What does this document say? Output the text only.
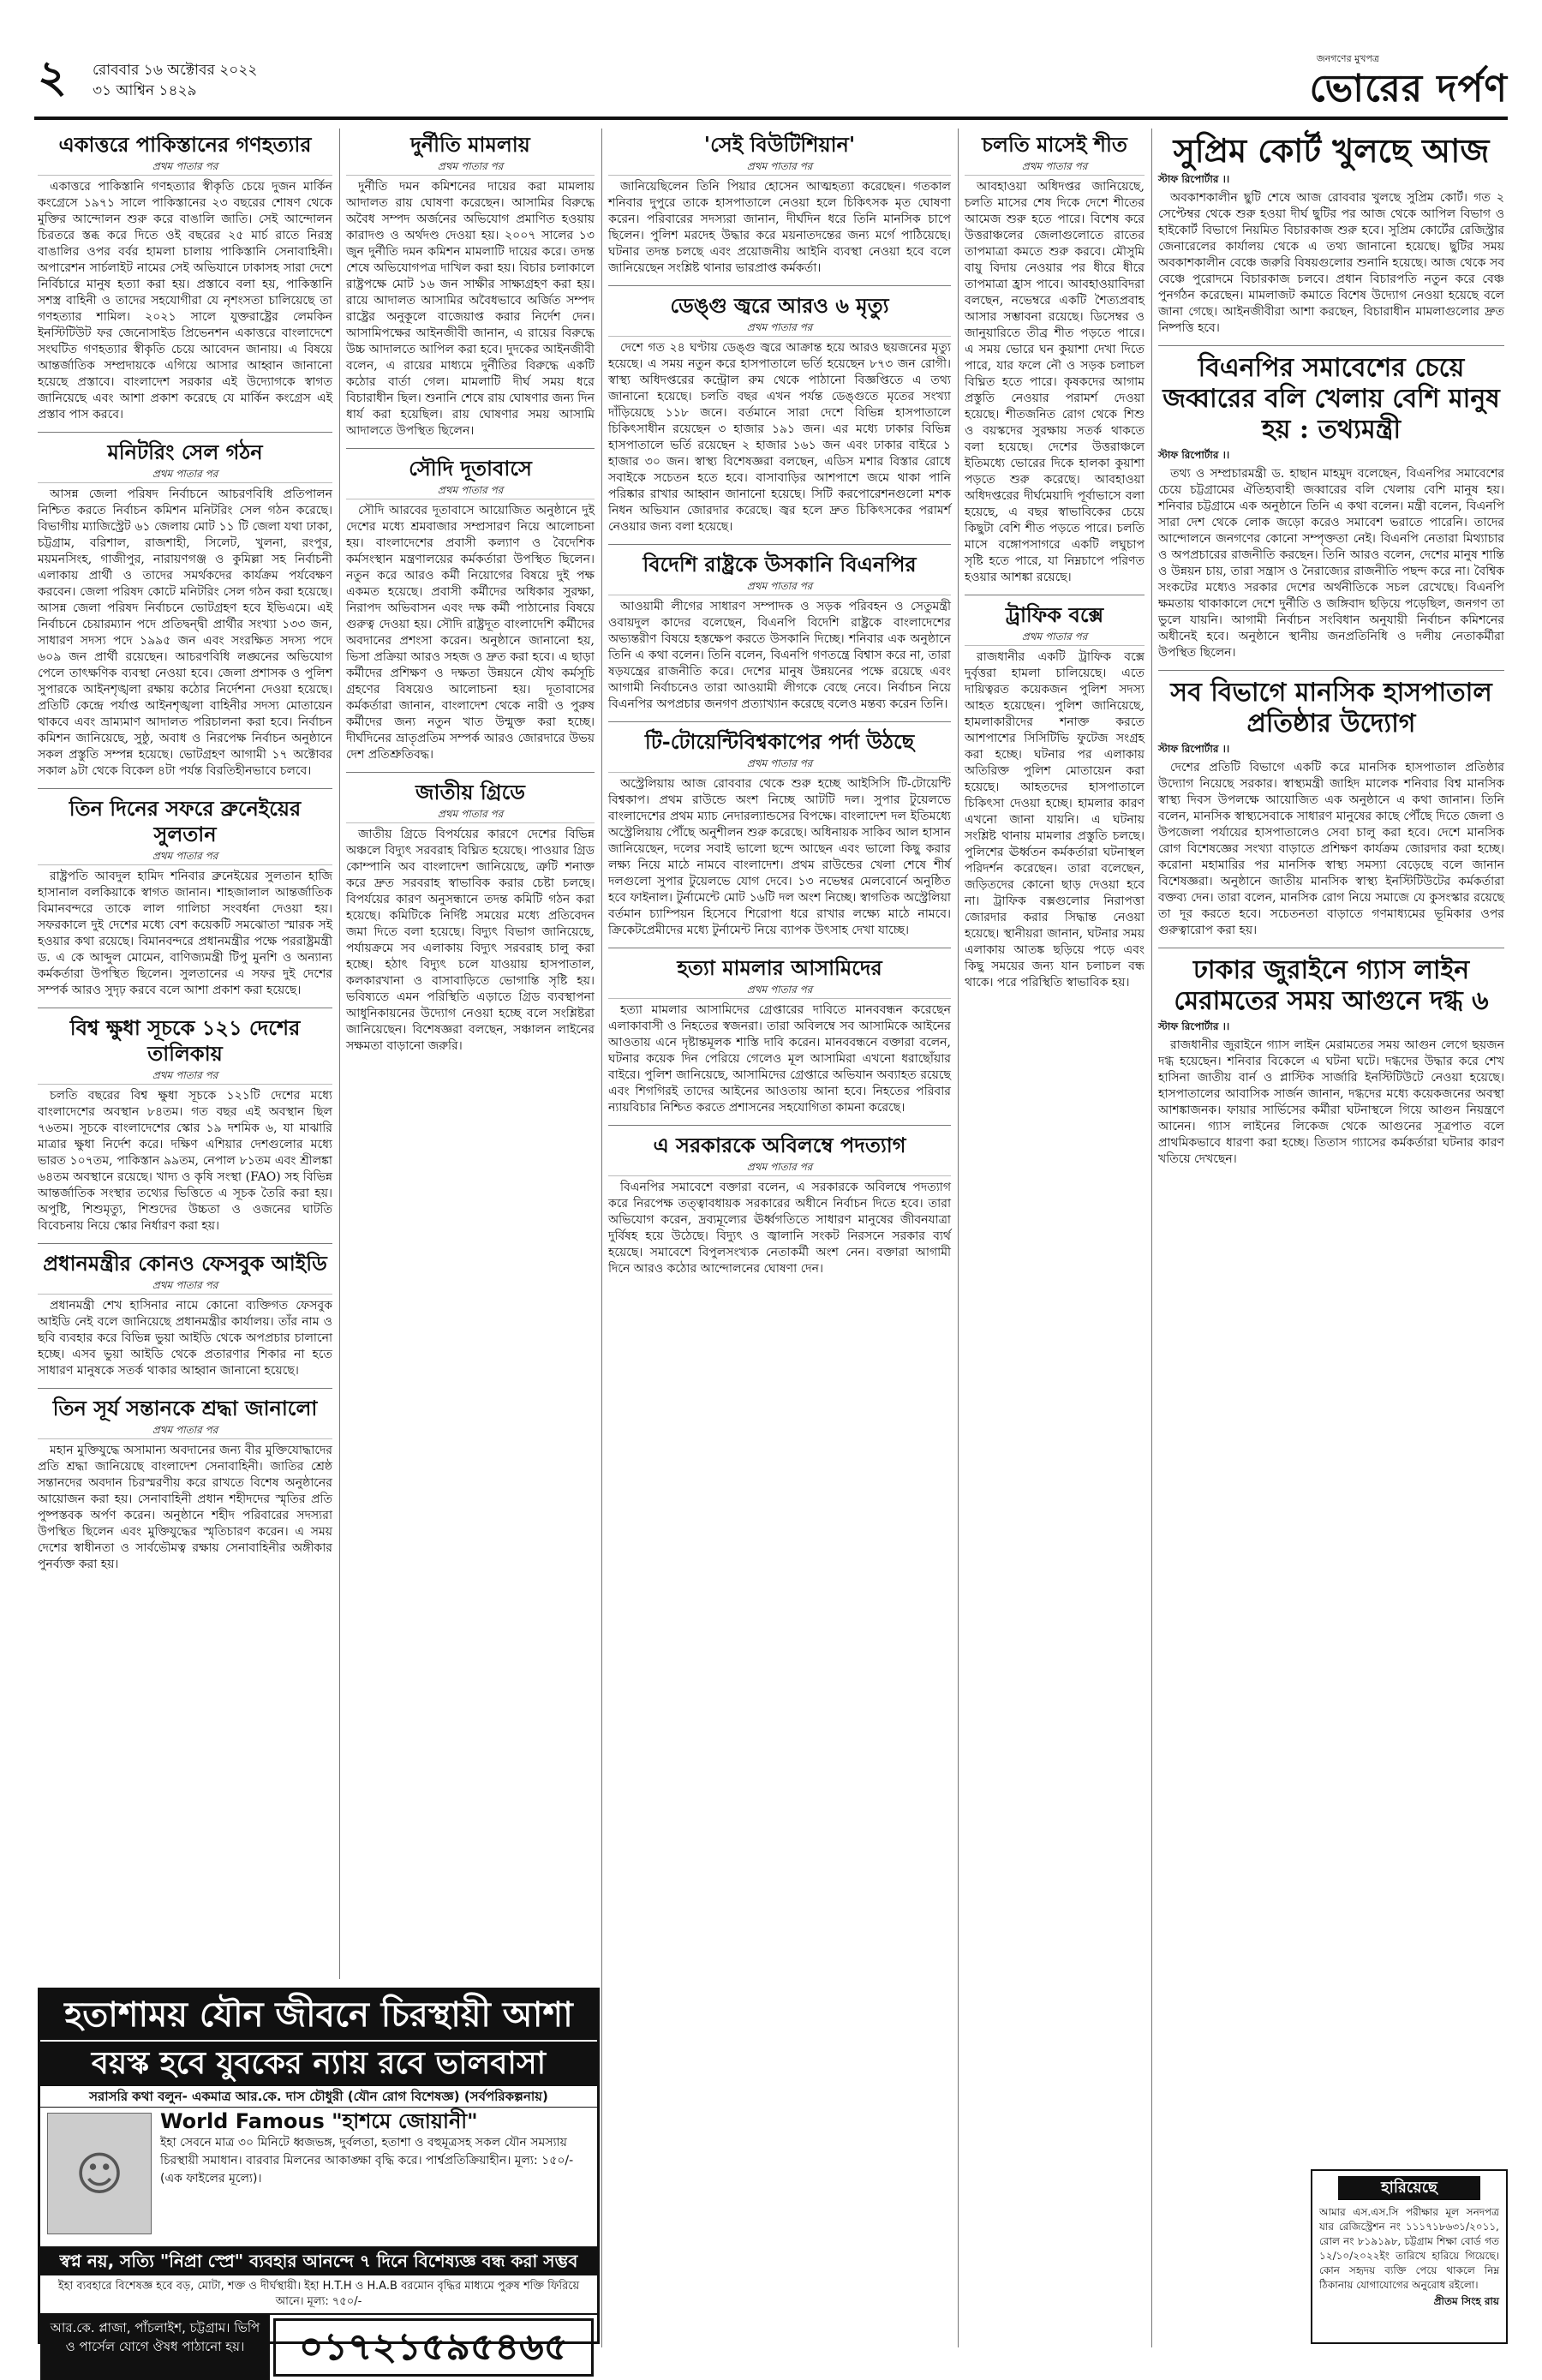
২	রোববার ১৬ অক্টোবর ২০২২
৩১ আশ্বিন ১৪২৯
জনগণের মুখপত্র
ভোরের দর্পণ
একাত্তরে পাকিস্তানের গণহত্যার
প্রথম পাতার পর

একাত্তরে পাকিস্তানি গণহত্যার স্বীকৃতি চেয়ে দুজন মার্কিন কংগ্রেসে ১৯৭১ সালে পাকিস্তানের ২৩ বছরের শোষণ থেকে মুক্তির আন্দোলন শুরু করে বাঙালি জাতি। সেই আন্দোলন চিরতরে স্তব্ধ করে দিতে ওই বছরের ২৫ মার্চ রাতে নিরস্ত্র বাঙালির ওপর বর্বর হামলা চালায় পাকিস্তানি সেনাবাহিনী। অপারেশন সার্চলাইট নামের সেই অভিযানে ঢাকাসহ সারা দেশে নির্বিচারে মানুষ হত্যা করা হয়। প্রস্তাবে বলা হয়, পাকিস্তানি সশস্ত্র বাহিনী ও তাদের সহযোগীরা যে নৃশংসতা চালিয়েছে তা গণহত্যার শামিল। ২০২১ সালে যুক্তরাষ্ট্রের লেমকিন ইনস্টিটিউট ফর জেনোসাইড প্রিভেনশন একাত্তরে বাংলাদেশে সংঘটিত গণহত্যার স্বীকৃতি চেয়ে আবেদন জানায়। এ বিষয়ে আন্তর্জাতিক সম্প্রদায়কে এগিয়ে আসার আহ্বান জানানো হয়েছে প্রস্তাবে। বাংলাদেশ সরকার এই উদ্যোগকে স্বাগত জানিয়েছে এবং আশা প্রকাশ করেছে যে মার্কিন কংগ্রেস এই প্রস্তাব পাস করবে।

মনিটরিং সেল গঠন
প্রথম পাতার পর

আসন্ন জেলা পরিষদ নির্বাচনে আচরণবিধি প্রতিপালন নিশ্চিত করতে নির্বাচন কমিশন মনিটরিং সেল গঠন করেছে। বিভাগীয় ম্যাজিস্ট্রেট ৬১ জেলায় মোট ১১ টি জেলা যথা ঢাকা, চট্টগ্রাম, বরিশাল, রাজশাহী, সিলেট, খুলনা, রংপুর, ময়মনসিংহ, গাজীপুর, নারায়ণগঞ্জ ও কুমিল্লা সহ নির্বাচনী এলাকায় প্রার্থী ও তাদের সমর্থকদের কার্যক্রম পর্যবেক্ষণ করবেন। জেলা পরিষদ কোটে মনিটরিং সেল গঠন করা হয়েছে। আসন্ন জেলা পরিষদ নির্বাচনে ভোটগ্রহণ হবে ইভিএমে। এই নির্বাচনে চেয়ারম্যান পদে প্রতিদ্বন্দ্বী প্রার্থীর সংখ্যা ১৩৩ জন, সাধারণ সদস্য পদে ১৯৯৫ জন এবং সংরক্ষিত সদস্য পদে ৬০৯ জন প্রার্থী রয়েছেন। আচরণবিধি লঙ্ঘনের অভিযোগ পেলে তাৎক্ষণিক ব্যবস্থা নেওয়া হবে। জেলা প্রশাসক ও পুলিশ সুপারকে আইনশৃঙ্খলা রক্ষায় কঠোর নির্দেশনা দেওয়া হয়েছে। প্রতিটি কেন্দ্রে পর্যাপ্ত আইনশৃঙ্খলা বাহিনীর সদস্য মোতায়েন থাকবে এবং ভ্রাম্যমাণ আদালত পরিচালনা করা হবে। নির্বাচন কমিশন জানিয়েছে, সুষ্ঠু, অবাধ ও নিরপেক্ষ নির্বাচন অনুষ্ঠানে সকল প্রস্তুতি সম্পন্ন হয়েছে। ভোটগ্রহণ আগামী ১৭ অক্টোবর সকাল ৯টা থেকে বিকেল ৪টা পর্যন্ত বিরতিহীনভাবে চলবে।

তিন দিনের সফরে ব্রুনেইয়ের সুলতান
প্রথম পাতার পর

রাষ্ট্রপতি আবদুল হামিদ শনিবার ব্রুনেইয়ের সুলতান হাজি হাসানাল বলকিয়াকে স্বাগত জানান। শাহজালাল আন্তর্জাতিক বিমানবন্দরে তাকে লাল গালিচা সংবর্ধনা দেওয়া হয়। সফরকালে দুই দেশের মধ্যে বেশ কয়েকটি সমঝোতা স্মারক সই হওয়ার কথা রয়েছে। বিমানবন্দরে প্রধানমন্ত্রীর পক্ষে পররাষ্ট্রমন্ত্রী ড. এ কে আব্দুল মোমেন, বাণিজ্যমন্ত্রী টিপু মুনশি ও অন্যান্য কর্মকর্তারা উপস্থিত ছিলেন। সুলতানের এ সফর দুই দেশের সম্পর্ক আরও সুদৃঢ় করবে বলে আশা প্রকাশ করা হয়েছে।

বিশ্ব ক্ষুধা সূচকে ১২১ দেশের তালিকায়
প্রথম পাতার পর

চলতি বছরের বিশ্ব ক্ষুধা সূচকে ১২১টি দেশের মধ্যে বাংলাদেশের অবস্থান ৮৪তম। গত বছর এই অবস্থান ছিল ৭৬তম। সূচকে বাংলাদেশের স্কোর ১৯ দশমিক ৬, যা মাঝারি মাত্রার ক্ষুধা নির্দেশ করে। দক্ষিণ এশিয়ার দেশগুলোর মধ্যে ভারত ১০৭তম, পাকিস্তান ৯৯তম, নেপাল ৮১তম এবং শ্রীলঙ্কা ৬৪তম অবস্থানে রয়েছে। খাদ্য ও কৃষি সংস্থা (FAO) সহ বিভিন্ন আন্তর্জাতিক সংস্থার তথ্যের ভিত্তিতে এ সূচক তৈরি করা হয়। অপুষ্টি, শিশুমৃত্যু, শিশুদের উচ্চতা ও ওজনের ঘাটতি বিবেচনায় নিয়ে স্কোর নির্ধারণ করা হয়।

প্রধানমন্ত্রীর কোনও ফেসবুক আইডি
প্রথম পাতার পর

প্রধানমন্ত্রী শেখ হাসিনার নামে কোনো ব্যক্তিগত ফেসবুক আইডি নেই বলে জানিয়েছে প্রধানমন্ত্রীর কার্যালয়। তাঁর নাম ও ছবি ব্যবহার করে বিভিন্ন ভুয়া আইডি থেকে অপপ্রচার চালানো হচ্ছে। এসব ভুয়া আইডি থেকে প্রতারণার শিকার না হতে সাধারণ মানুষকে সতর্ক থাকার আহ্বান জানানো হয়েছে।

তিন সূর্য সন্তানকে শ্রদ্ধা জানালো
প্রথম পাতার পর

মহান মুক্তিযুদ্ধে অসামান্য অবদানের জন্য বীর মুক্তিযোদ্ধাদের প্রতি শ্রদ্ধা জানিয়েছে বাংলাদেশ সেনাবাহিনী। জাতির শ্রেষ্ঠ সন্তানদের অবদান চিরস্মরণীয় করে রাখতে বিশেষ অনুষ্ঠানের আয়োজন করা হয়। সেনাবাহিনী প্রধান শহীদদের স্মৃতির প্রতি পুষ্পস্তবক অর্পণ করেন। অনুষ্ঠানে শহীদ পরিবারের সদস্যরা উপস্থিত ছিলেন এবং মুক্তিযুদ্ধের স্মৃতিচারণ করেন। এ সময় দেশের স্বাধীনতা ও সার্বভৌমত্ব রক্ষায় সেনাবাহিনীর অঙ্গীকার পুনর্ব্যক্ত করা হয়।

দুর্নীতি মামলায়
প্রথম পাতার পর

দুর্নীতি দমন কমিশনের দায়ের করা মামলায় আদালত রায় ঘোষণা করেছেন। আসামির বিরুদ্ধে অবৈধ সম্পদ অর্জনের অভিযোগ প্রমাণিত হওয়ায় কারাদণ্ড ও অর্থদণ্ড দেওয়া হয়। ২০০৭ সালের ১৩ জুন দুর্নীতি দমন কমিশন মামলাটি দায়ের করে। তদন্ত শেষে অভিযোগপত্র দাখিল করা হয়। বিচার চলাকালে রাষ্ট্রপক্ষে মোট ১৬ জন সাক্ষীর সাক্ষ্যগ্রহণ করা হয়। রায়ে আদালত আসামির অবৈধভাবে অর্জিত সম্পদ রাষ্ট্রের অনুকূলে বাজেয়াপ্ত করার নির্দেশ দেন। আসামিপক্ষের আইনজীবী জানান, এ রায়ের বিরুদ্ধে উচ্চ আদালতে আপিল করা হবে। দুদকের আইনজীবী বলেন, এ রায়ের মাধ্যমে দুর্নীতির বিরুদ্ধে একটি কঠোর বার্তা গেল। মামলাটি দীর্ঘ সময় ধরে বিচারাধীন ছিল। শুনানি শেষে রায় ঘোষণার জন্য দিন ধার্য করা হয়েছিল। রায় ঘোষণার সময় আসামি আদালতে উপস্থিত ছিলেন।

সৌদি দূতাবাসে
প্রথম পাতার পর

সৌদি আরবের দূতাবাসে আয়োজিত অনুষ্ঠানে দুই দেশের মধ্যে শ্রমবাজার সম্প্রসারণ নিয়ে আলোচনা হয়। বাংলাদেশের প্রবাসী কল্যাণ ও বৈদেশিক কর্মসংস্থান মন্ত্রণালয়ের কর্মকর্তারা উপস্থিত ছিলেন। নতুন করে আরও কর্মী নিয়োগের বিষয়ে দুই পক্ষ একমত হয়েছে। প্রবাসী কর্মীদের অধিকার সুরক্ষা, নিরাপদ অভিবাসন এবং দক্ষ কর্মী পাঠানোর বিষয়ে গুরুত্ব দেওয়া হয়। সৌদি রাষ্ট্রদূত বাংলাদেশি কর্মীদের অবদানের প্রশংসা করেন। অনুষ্ঠানে জানানো হয়, ভিসা প্রক্রিয়া আরও সহজ ও দ্রুত করা হবে। এ ছাড়া কর্মীদের প্রশিক্ষণ ও দক্ষতা উন্নয়নে যৌথ কর্মসূচি গ্রহণের বিষয়েও আলোচনা হয়। দূতাবাসের কর্মকর্তারা জানান, বাংলাদেশ থেকে নারী ও পুরুষ কর্মীদের জন্য নতুন খাত উন্মুক্ত করা হচ্ছে। দীর্ঘদিনের ভ্রাতৃপ্রতিম সম্পর্ক আরও জোরদারে উভয় দেশ প্রতিশ্রুতিবদ্ধ।

জাতীয় গ্রিডে
প্রথম পাতার পর

জাতীয় গ্রিডে বিপর্যয়ের কারণে দেশের বিভিন্ন অঞ্চলে বিদ্যুৎ সরবরাহ বিঘ্নিত হয়েছে। পাওয়ার গ্রিড কোম্পানি অব বাংলাদেশ জানিয়েছে, ত্রুটি শনাক্ত করে দ্রুত সরবরাহ স্বাভাবিক করার চেষ্টা চলছে। বিপর্যয়ের কারণ অনুসন্ধানে তদন্ত কমিটি গঠন করা হয়েছে। কমিটিকে নির্দিষ্ট সময়ের মধ্যে প্রতিবেদন জমা দিতে বলা হয়েছে। বিদ্যুৎ বিভাগ জানিয়েছে, পর্যায়ক্রমে সব এলাকায় বিদ্যুৎ সরবরাহ চালু করা হচ্ছে। হঠাৎ বিদ্যুৎ চলে যাওয়ায় হাসপাতাল, কলকারখানা ও বাসাবাড়িতে ভোগান্তি সৃষ্টি হয়। ভবিষ্যতে এমন পরিস্থিতি এড়াতে গ্রিড ব্যবস্থাপনা আধুনিকায়নের উদ্যোগ নেওয়া হচ্ছে বলে সংশ্লিষ্টরা জানিয়েছেন। বিশেষজ্ঞরা বলছেন, সঞ্চালন লাইনের সক্ষমতা বাড়ানো জরুরি।

'সেই বিউটিশিয়ান'
প্রথম পাতার পর

জানিয়েছিলেন তিনি পিয়ার হোসেন আত্মহত্যা করেছেন। গতকাল শনিবার দুপুরে তাকে হাসপাতালে নেওয়া হলে চিকিৎসক মৃত ঘোষণা করেন। পরিবারের সদস্যরা জানান, দীর্ঘদিন ধরে তিনি মানসিক চাপে ছিলেন। পুলিশ মরদেহ উদ্ধার করে ময়নাতদন্তের জন্য মর্গে পাঠিয়েছে। ঘটনার তদন্ত চলছে এবং প্রয়োজনীয় আইনি ব্যবস্থা নেওয়া হবে বলে জানিয়েছেন সংশ্লিষ্ট থানার ভারপ্রাপ্ত কর্মকর্তা।

ডেঙ্গু জ্বরে আরও ৬ মৃত্যু
প্রথম পাতার পর

দেশে গত ২৪ ঘণ্টায় ডেঙ্গু জ্বরে আক্রান্ত হয়ে আরও ছয়জনের মৃত্যু হয়েছে। এ সময় নতুন করে হাসপাতালে ভর্তি হয়েছেন ৮৭৩ জন রোগী। স্বাস্থ্য অধিদপ্তরের কন্ট্রোল রুম থেকে পাঠানো বিজ্ঞপ্তিতে এ তথ্য জানানো হয়েছে। চলতি বছর এখন পর্যন্ত ডেঙ্গুতে মৃতের সংখ্যা দাঁড়িয়েছে ১১৮ জনে। বর্তমানে সারা দেশে বিভিন্ন হাসপাতালে চিকিৎসাধীন রয়েছেন ৩ হাজার ১৯১ জন। এর মধ্যে ঢাকার বিভিন্ন হাসপাতালে ভর্তি রয়েছেন ২ হাজার ১৬১ জন এবং ঢাকার বাইরে ১ হাজার ৩০ জন। স্বাস্থ্য বিশেষজ্ঞরা বলছেন, এডিস মশার বিস্তার রোধে সবাইকে সচেতন হতে হবে। বাসাবাড়ির আশপাশে জমে থাকা পানি পরিষ্কার রাখার আহ্বান জানানো হয়েছে। সিটি করপোরেশনগুলো মশক নিধন অভিযান জোরদার করেছে। জ্বর হলে দ্রুত চিকিৎসকের পরামর্শ নেওয়ার জন্য বলা হয়েছে।

বিদেশি রাষ্ট্রকে উসকানি বিএনপির
প্রথম পাতার পর

আওয়ামী লীগের সাধারণ সম্পাদক ও সড়ক পরিবহন ও সেতুমন্ত্রী ওবায়দুল কাদের বলেছেন, বিএনপি বিদেশি রাষ্ট্রকে বাংলাদেশের অভ্যন্তরীণ বিষয়ে হস্তক্ষেপ করতে উসকানি দিচ্ছে। শনিবার এক অনুষ্ঠানে তিনি এ কথা বলেন। তিনি বলেন, বিএনপি গণতন্ত্রে বিশ্বাস করে না, তারা ষড়যন্ত্রের রাজনীতি করে। দেশের মানুষ উন্নয়নের পক্ষে রয়েছে এবং আগামী নির্বাচনেও তারা আওয়ামী লীগকে বেছে নেবে। নির্বাচন নিয়ে বিএনপির অপপ্রচার জনগণ প্রত্যাখ্যান করেছে বলেও মন্তব্য করেন তিনি।

টি-টোয়েন্টিবিশ্বকাপের পর্দা উঠছে
প্রথম পাতার পর

অস্ট্রেলিয়ায় আজ রোববার থেকে শুরু হচ্ছে আইসিসি টি-টোয়েন্টি বিশ্বকাপ। প্রথম রাউন্ডে অংশ নিচ্ছে আটটি দল। সুপার টুয়েলভে বাংলাদেশের প্রথম ম্যাচ নেদারল্যান্ডসের বিপক্ষে। বাংলাদেশ দল ইতিমধ্যে অস্ট্রেলিয়ায় পৌঁছে অনুশীলন শুরু করেছে। অধিনায়ক সাকিব আল হাসান জানিয়েছেন, দলের সবাই ভালো ছন্দে আছেন এবং ভালো কিছু করার লক্ষ্য নিয়ে মাঠে নামবে বাংলাদেশ। প্রথম রাউন্ডের খেলা শেষে শীর্ষ দলগুলো সুপার টুয়েলভে যোগ দেবে। ১৩ নভেম্বর মেলবোর্নে অনুষ্ঠিত হবে ফাইনাল। টুর্নামেন্টে মোট ১৬টি দল অংশ নিচ্ছে। স্বাগতিক অস্ট্রেলিয়া বর্তমান চ্যাম্পিয়ন হিসেবে শিরোপা ধরে রাখার লক্ষ্যে মাঠে নামবে। ক্রিকেটপ্রেমীদের মধ্যে টুর্নামেন্ট নিয়ে ব্যাপক উৎসাহ দেখা যাচ্ছে।

হত্যা মামলার আসামিদের
প্রথম পাতার পর

হত্যা মামলার আসামিদের গ্রেপ্তারের দাবিতে মানববন্ধন করেছেন এলাকাবাসী ও নিহতের স্বজনরা। তারা অবিলম্বে সব আসামিকে আইনের আওতায় এনে দৃষ্টান্তমূলক শাস্তি দাবি করেন। মানববন্ধনে বক্তারা বলেন, ঘটনার কয়েক দিন পেরিয়ে গেলেও মূল আসামিরা এখনো ধরাছোঁয়ার বাইরে। পুলিশ জানিয়েছে, আসামিদের গ্রেপ্তারে অভিযান অব্যাহত রয়েছে এবং শিগগিরই তাদের আইনের আওতায় আনা হবে। নিহতের পরিবার ন্যায়বিচার নিশ্চিত করতে প্রশাসনের সহযোগিতা কামনা করেছে।

এ সরকারকে অবিলম্বে পদত্যাগ
প্রথম পাতার পর

বিএনপির সমাবেশে বক্তারা বলেন, এ সরকারকে অবিলম্বে পদত্যাগ করে নিরপেক্ষ তত্ত্বাবধায়ক সরকারের অধীনে নির্বাচন দিতে হবে। তারা অভিযোগ করেন, দ্রব্যমূল্যের ঊর্ধ্বগতিতে সাধারণ মানুষের জীবনযাত্রা দুর্বিষহ হয়ে উঠেছে। বিদ্যুৎ ও জ্বালানি সংকট নিরসনে সরকার ব্যর্থ হয়েছে। সমাবেশে বিপুলসংখ্যক নেতাকর্মী অংশ নেন। বক্তারা আগামী দিনে আরও কঠোর আন্দোলনের ঘোষণা দেন।

চলতি মাসেই শীত
প্রথম পাতার পর

আবহাওয়া অধিদপ্তর জানিয়েছে, চলতি মাসের শেষ দিকে দেশে শীতের আমেজ শুরু হতে পারে। বিশেষ করে উত্তরাঞ্চলের জেলাগুলোতে রাতের তাপমাত্রা কমতে শুরু করবে। মৌসুমি বায়ু বিদায় নেওয়ার পর ধীরে ধীরে তাপমাত্রা হ্রাস পাবে। আবহাওয়াবিদরা বলছেন, নভেম্বরে একটি শৈত্যপ্রবাহ আসার সম্ভাবনা রয়েছে। ডিসেম্বর ও জানুয়ারিতে তীব্র শীত পড়তে পারে। এ সময় ভোরে ঘন কুয়াশা দেখা দিতে পারে, যার ফলে নৌ ও সড়ক চলাচল বিঘ্নিত হতে পারে। কৃষকদের আগাম প্রস্তুতি নেওয়ার পরামর্শ দেওয়া হয়েছে। শীতজনিত রোগ থেকে শিশু ও বয়স্কদের সুরক্ষায় সতর্ক থাকতে বলা হয়েছে। দেশের উত্তরাঞ্চলে ইতিমধ্যে ভোরের দিকে হালকা কুয়াশা পড়তে শুরু করেছে। আবহাওয়া অধিদপ্তরের দীর্ঘমেয়াদি পূর্বাভাসে বলা হয়েছে, এ বছর স্বাভাবিকের চেয়ে কিছুটা বেশি শীত পড়তে পারে। চলতি মাসে বঙ্গোপসাগরে একটি লঘুচাপ সৃষ্টি হতে পারে, যা নিম্নচাপে পরিণত হওয়ার আশঙ্কা রয়েছে।

ট্রাফিক বক্সে
প্রথম পাতার পর

রাজধানীর একটি ট্রাফিক বক্সে দুর্বৃত্তরা হামলা চালিয়েছে। এতে দায়িত্বরত কয়েকজন পুলিশ সদস্য আহত হয়েছেন। পুলিশ জানিয়েছে, হামলাকারীদের শনাক্ত করতে আশপাশের সিসিটিভি ফুটেজ সংগ্রহ করা হচ্ছে। ঘটনার পর এলাকায় অতিরিক্ত পুলিশ মোতায়েন করা হয়েছে। আহতদের হাসপাতালে চিকিৎসা দেওয়া হচ্ছে। হামলার কারণ এখনো জানা যায়নি। এ ঘটনায় সংশ্লিষ্ট থানায় মামলার প্রস্তুতি চলছে। পুলিশের ঊর্ধ্বতন কর্মকর্তারা ঘটনাস্থল পরিদর্শন করেছেন। তারা বলেছেন, জড়িতদের কোনো ছাড় দেওয়া হবে না। ট্রাফিক বক্সগুলোর নিরাপত্তা জোরদার করার সিদ্ধান্ত নেওয়া হয়েছে। স্থানীয়রা জানান, ঘটনার সময় এলাকায় আতঙ্ক ছড়িয়ে পড়ে এবং কিছু সময়ের জন্য যান চলাচল বন্ধ থাকে। পরে পরিস্থিতি স্বাভাবিক হয়।

সুপ্রিম কোর্ট খুলছে আজ
স্টাফ রিপোর্টার ।।

অবকাশকালীন ছুটি শেষে আজ রোববার খুলছে সুপ্রিম কোর্ট। গত ২ সেপ্টেম্বর থেকে শুরু হওয়া দীর্ঘ ছুটির পর আজ থেকে আপিল বিভাগ ও হাইকোর্ট বিভাগে নিয়মিত বিচারকাজ শুরু হবে। সুপ্রিম কোর্টের রেজিস্ট্রার জেনারেলের কার্যালয় থেকে এ তথ্য জানানো হয়েছে। ছুটির সময় অবকাশকালীন বেঞ্চে জরুরি বিষয়গুলোর শুনানি হয়েছে। আজ থেকে সব বেঞ্চে পুরোদমে বিচারকাজ চলবে। প্রধান বিচারপতি নতুন করে বেঞ্চ পুনর্গঠন করেছেন। মামলাজট কমাতে বিশেষ উদ্যোগ নেওয়া হয়েছে বলে জানা গেছে। আইনজীবীরা আশা করছেন, বিচারাধীন মামলাগুলোর দ্রুত নিষ্পত্তি হবে।

বিএনপির সমাবেশের চেয়ে জব্বারের বলি খেলায় বেশি মানুষ হয় : তথ্যমন্ত্রী
স্টাফ রিপোর্টার ।।

তথ্য ও সম্প্রচারমন্ত্রী ড. হাছান মাহমুদ বলেছেন, বিএনপির সমাবেশের চেয়ে চট্টগ্রামের ঐতিহ্যবাহী জব্বারের বলি খেলায় বেশি মানুষ হয়। শনিবার চট্টগ্রামে এক অনুষ্ঠানে তিনি এ কথা বলেন। মন্ত্রী বলেন, বিএনপি সারা দেশ থেকে লোক জড়ো করেও সমাবেশ ভরাতে পারেনি। তাদের আন্দোলনে জনগণের কোনো সম্পৃক্ততা নেই। বিএনপি নেতারা মিথ্যাচার ও অপপ্রচারের রাজনীতি করছেন। তিনি আরও বলেন, দেশের মানুষ শান্তি ও উন্নয়ন চায়, তারা সন্ত্রাস ও নৈরাজ্যের রাজনীতি পছন্দ করে না। বৈশ্বিক সংকটের মধ্যেও সরকার দেশের অর্থনীতিকে সচল রেখেছে। বিএনপি ক্ষমতায় থাকাকালে দেশে দুর্নীতি ও জঙ্গিবাদ ছড়িয়ে পড়েছিল, জনগণ তা ভুলে যায়নি। আগামী নির্বাচন সংবিধান অনুযায়ী নির্বাচন কমিশনের অধীনেই হবে। অনুষ্ঠানে স্থানীয় জনপ্রতিনিধি ও দলীয় নেতাকর্মীরা উপস্থিত ছিলেন।

সব বিভাগে মানসিক হাসপাতাল প্রতিষ্ঠার উদ্যোগ
স্টাফ রিপোর্টার ।।

দেশের প্রতিটি বিভাগে একটি করে মানসিক হাসপাতাল প্রতিষ্ঠার উদ্যোগ নিয়েছে সরকার। স্বাস্থ্যমন্ত্রী জাহিদ মালেক শনিবার বিশ্ব মানসিক স্বাস্থ্য দিবস উপলক্ষে আয়োজিত এক অনুষ্ঠানে এ কথা জানান। তিনি বলেন, মানসিক স্বাস্থ্যসেবাকে সাধারণ মানুষের কাছে পৌঁছে দিতে জেলা ও উপজেলা পর্যায়ের হাসপাতালেও সেবা চালু করা হবে। দেশে মানসিক রোগ বিশেষজ্ঞের সংখ্যা বাড়াতে প্রশিক্ষণ কার্যক্রম জোরদার করা হচ্ছে। করোনা মহামারির পর মানসিক স্বাস্থ্য সমস্যা বেড়েছে বলে জানান বিশেষজ্ঞরা। অনুষ্ঠানে জাতীয় মানসিক স্বাস্থ্য ইনস্টিটিউটের কর্মকর্তারা বক্তব্য দেন। তারা বলেন, মানসিক রোগ নিয়ে সমাজে যে কুসংস্কার রয়েছে তা দূর করতে হবে। সচেতনতা বাড়াতে গণমাধ্যমের ভূমিকার ওপর গুরুত্বারোপ করা হয়।

ঢাকার জুরাইনে গ্যাস লাইন মেরামতের সময় আগুনে দগ্ধ ৬
স্টাফ রিপোর্টার ।।

রাজধানীর জুরাইনে গ্যাস লাইন মেরামতের সময় আগুন লেগে ছয়জন দগ্ধ হয়েছেন। শনিবার বিকেলে এ ঘটনা ঘটে। দগ্ধদের উদ্ধার করে শেখ হাসিনা জাতীয় বার্ন ও প্লাস্টিক সার্জারি ইনস্টিটিউটে নেওয়া হয়েছে। হাসপাতালের আবাসিক সার্জন জানান, দগ্ধদের মধ্যে কয়েকজনের অবস্থা আশঙ্কাজনক। ফায়ার সার্ভিসের কর্মীরা ঘটনাস্থলে গিয়ে আগুন নিয়ন্ত্রণে আনেন। গ্যাস লাইনের লিকেজ থেকে আগুনের সূত্রপাত বলে প্রাথমিকভাবে ধারণা করা হচ্ছে। তিতাস গ্যাসের কর্মকর্তারা ঘটনার কারণ খতিয়ে দেখছেন।

হতাশাময় যৌন জীবনে চিরস্থায়ী আশা
বয়স্ক হবে যুবকের ন্যায় রবে ভালবাসা
সরাসরি কথা বলুন- একমাত্র আর.কে. দাস চৌধুরী (যৌন রোগ বিশেষজ্ঞ) (সর্বপরিকল্পনায়)
☺
World Famous "হাশমে জোয়ানী"
ইহা সেবনে মাত্র ৩০ মিনিটে ধ্বজভঙ্গ, দুর্বলতা, হতাশা ও বহুমূত্রসহ সকল যৌন সমস্যায় চিরস্থায়ী সমাধান। বারবার মিলনের আকাঙ্ক্ষা বৃদ্ধি করে। পার্শ্বপ্রতিক্রিয়াহীন। মূল্য: ১৫০/- (এক ফাইলের মূল্যে)।
স্বপ্ন নয়, সত্যি "নিপ্রা স্প্রে" ব্যবহার আনন্দে ৭ দিনে বিশেষ্যজ্ঞ বন্ধ করা সম্ভব
ইহা ব্যবহারে বিশেষজ্ঞ হবে বড়, মোটা, শক্ত ও দীর্ঘস্থায়ী। ইহা H.T.H ও H.A.B বরমোন বৃদ্ধির মাধ্যমে পুরুষ শক্তি ফিরিয়ে আনে। মূল্য: ৭৫০/-
আর.কে. প্লাজা, পাঁচলাইশ, চট্টগ্রাম। ভিপি ও পার্সেল যোগে ঔষধ পাঠানো হয়।	০১৭২১৫৯৫৪৬৫
হারিয়েছে
আমার এস.এস.সি পরীক্ষার মূল সনদপত্র যার রেজিস্ট্রেশন নং ১১১৭১৮৬৩১/২০১১, রোল নং ৮১৯১৯৮, চট্টগ্রাম শিক্ষা বোর্ড গত ১২/১০/২০২২ইং তারিখে হারিয়ে গিয়েছে। কোন সহৃদয় ব্যক্তি পেয়ে থাকলে নিম্ন ঠিকানায় যোগাযোগের অনুরোধ রইলো।
প্রীতম সিংহ রায়
